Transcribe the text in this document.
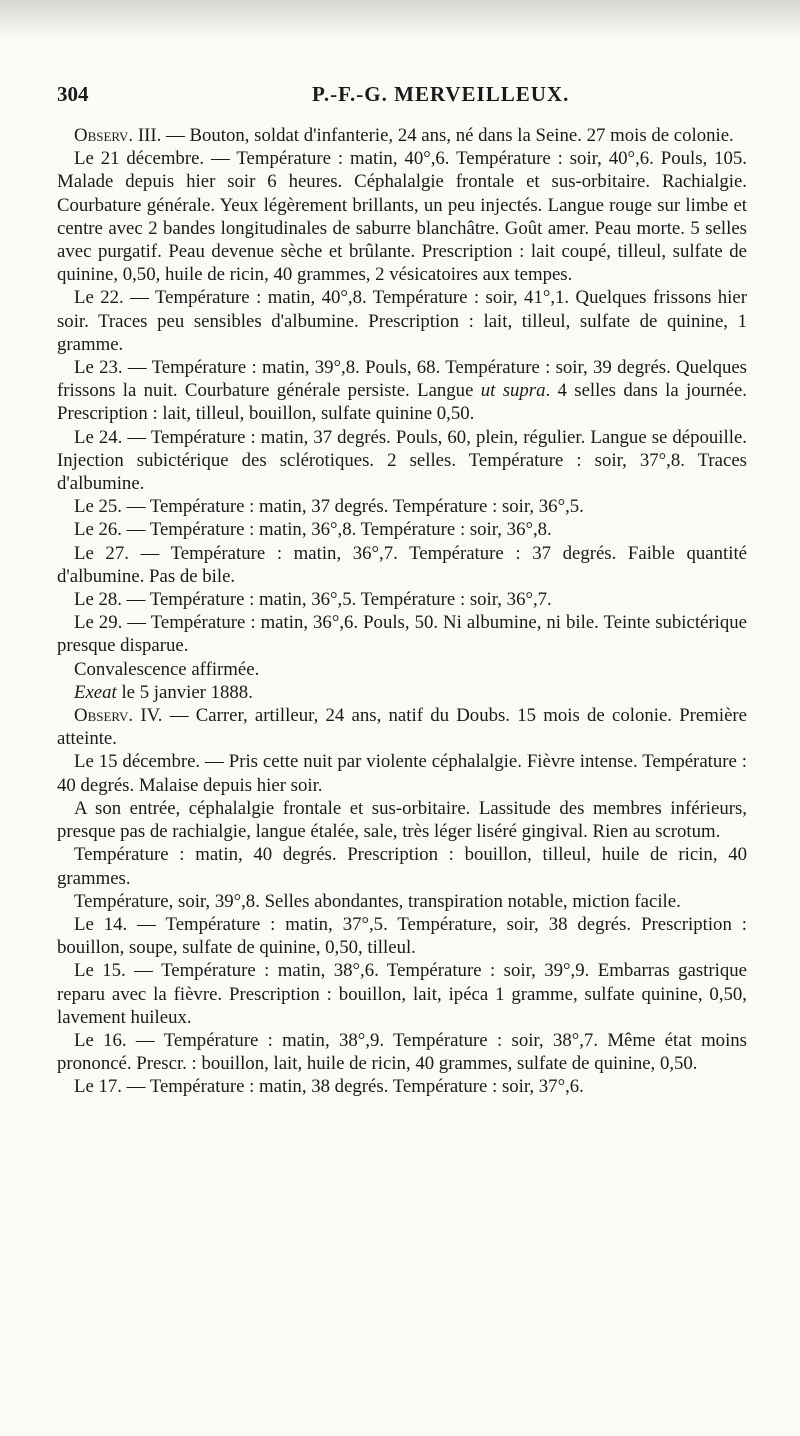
304	P.-F.-G. MERVEILLEUX.

Observ. III. — Bouton, soldat d'infanterie, 24 ans, né dans la Seine. 27 mois de colonie.

Le 21 décembre. — Température : matin, 40°,6. Température : soir, 40°,6. Pouls, 105. Malade depuis hier soir 6 heures. Céphalalgie frontale et sus-orbitaire. Rachialgie. Courbature générale. Yeux légèrement brillants, un peu injectés. Langue rouge sur limbe et centre avec 2 bandes longitudinales de saburre blanchâtre. Goût amer. Peau morte. 5 selles avec purgatif. Peau devenue sèche et brûlante. Prescription : lait coupé, tilleul, sulfate de quinine, 0,50, huile de ricin, 40 grammes, 2 vésicatoires aux tempes.

Le 22. — Température : matin, 40°,8. Température : soir, 41°,1. Quelques frissons hier soir. Traces peu sensibles d'albumine. Prescription : lait, tilleul, sulfate de quinine, 1 gramme.

Le 23. — Température : matin, 39°,8. Pouls, 68. Température : soir, 39 degrés. Quelques frissons la nuit. Courbature générale persiste. Langue ut supra. 4 selles dans la journée. Prescription : lait, tilleul, bouillon, sulfate quinine 0,50.

Le 24. — Température : matin, 37 degrés. Pouls, 60, plein, régulier. Langue se dépouille. Injection subictérique des sclérotiques. 2 selles. Température : soir, 37°,8. Traces d'albumine.

Le 25. — Température : matin, 37 degrés. Température : soir, 36°,5.

Le 26. — Température : matin, 36°,8. Température : soir, 36°,8.

Le 27. — Température : matin, 36°,7. Température : 37 degrés. Faible quantité d'albumine. Pas de bile.

Le 28. — Température : matin, 36°,5. Température : soir, 36°,7.

Le 29. — Température : matin, 36°,6. Pouls, 50. Ni albumine, ni bile. Teinte subictérique presque disparue.

Convalescence affirmée.

Exeat le 5 janvier 1888.

Observ. IV. — Carrer, artilleur, 24 ans, natif du Doubs. 15 mois de colonie. Première atteinte.

Le 15 décembre. — Pris cette nuit par violente céphalalgie. Fièvre intense. Température : 40 degrés. Malaise depuis hier soir.

A son entrée, céphalalgie frontale et sus-orbitaire. Lassitude des membres inférieurs, presque pas de rachialgie, langue étalée, sale, très léger liséré gingival. Rien au scrotum.

Température : matin, 40 degrés. Prescription : bouillon, tilleul, huile de ricin, 40 grammes.

Température, soir, 39°,8. Selles abondantes, transpiration notable, miction facile.

Le 14. — Température : matin, 37°,5. Température, soir, 38 degrés. Prescription : bouillon, soupe, sulfate de quinine, 0,50, tilleul.

Le 15. — Température : matin, 38°,6. Température : soir, 39°,9. Embarras gastrique reparu avec la fièvre. Prescription : bouillon, lait, ipéca 1 gramme, sulfate quinine, 0,50, lavement huileux.

Le 16. — Température : matin, 38°,9. Température : soir, 38°,7. Même état moins prononcé. Prescr. : bouillon, lait, huile de ricin, 40 grammes, sulfate de quinine, 0,50.

Le 17. — Température : matin, 38 degrés. Température : soir, 37°,6.
